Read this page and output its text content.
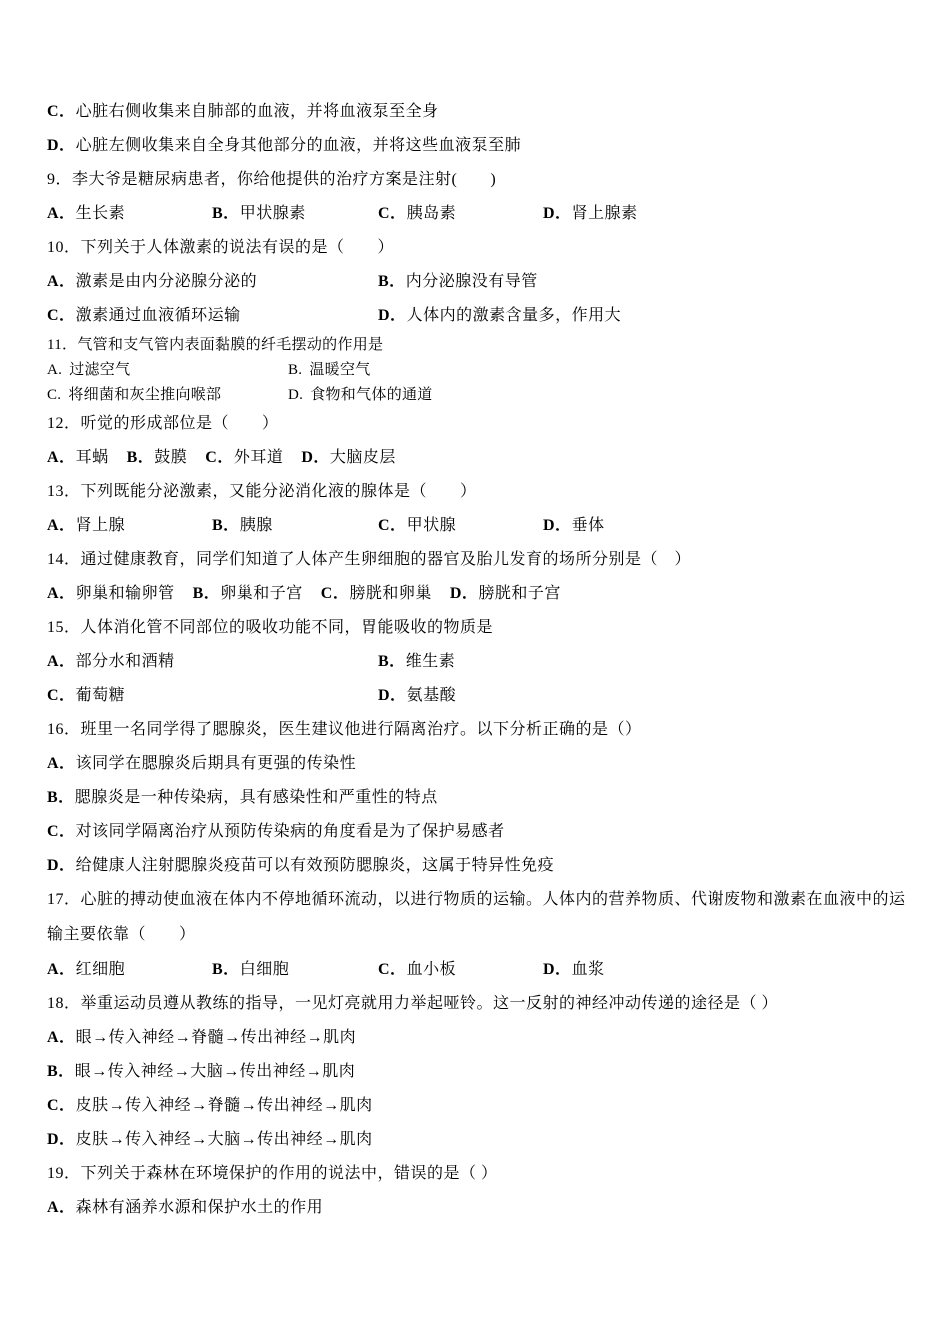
C．心脏右侧收集来自肺部的血液，并将血液泵至全身
D．心脏左侧收集来自全身其他部分的血液，并将这些血液泵至肺
9．李大爷是糖尿病患者，你给他提供的治疗方案是注射(　　)
A．生长素	B．甲状腺素	C．胰岛素	D．肾上腺素
10．下列关于人体激素的说法有误的是（　　）
A．激素是由内分泌腺分泌的	B．内分泌腺没有导管
C．激素通过血液循环运输	D．人体内的激素含量多，作用大
11．气管和支气管内表面黏膜的纤毛摆动的作用是
A. 过滤空气	B. 温暖空气
C. 将细菌和灰尘推向喉部	D. 食物和气体的通道
12．听觉的形成部位是（　　）
A．耳蜗 B．鼓膜 C．外耳道 D．大脑皮层
13．下列既能分泌激素，又能分泌消化液的腺体是（　　）
A．肾上腺	B．胰腺	C．甲状腺	D．垂体
14．通过健康教育，同学们知道了人体产生卵细胞的器官及胎儿发育的场所分别是（　）
A．卵巢和输卵管 B．卵巢和子宫 C．膀胱和卵巢 D．膀胱和子宫
15．人体消化管不同部位的吸收功能不同，胃能吸收的物质是
A．部分水和酒精	B．维生素
C．葡萄糖	D．氨基酸
16．班里一名同学得了腮腺炎，医生建议他进行隔离治疗。以下分析正确的是（）
A．该同学在腮腺炎后期具有更强的传染性
B．腮腺炎是一种传染病，具有感染性和严重性的特点
C．对该同学隔离治疗从预防传染病的角度看是为了保护易感者
D．给健康人注射腮腺炎疫苗可以有效预防腮腺炎，这属于特异性免疫
17．心脏的搏动使血液在体内不停地循环流动，以进行物质的运输。人体内的营养物质、代谢废物和激素在血液中的运
输主要依靠（　　）
A．红细胞	B．白细胞	C．血小板	D．血浆
18．举重运动员遵从教练的指导，一见灯亮就用力举起哑铃。这一反射的神经冲动传递的途径是（ ）
A．眼→传入神经→脊髓→传出神经→肌肉
B．眼→传入神经→大脑→传出神经→肌肉
C．皮肤→传入神经→脊髓→传出神经→肌肉
D．皮肤→传入神经→大脑→传出神经→肌肉
19．下列关于森林在环境保护的作用的说法中，错误的是（ ）
A．森林有涵养水源和保护水土的作用
